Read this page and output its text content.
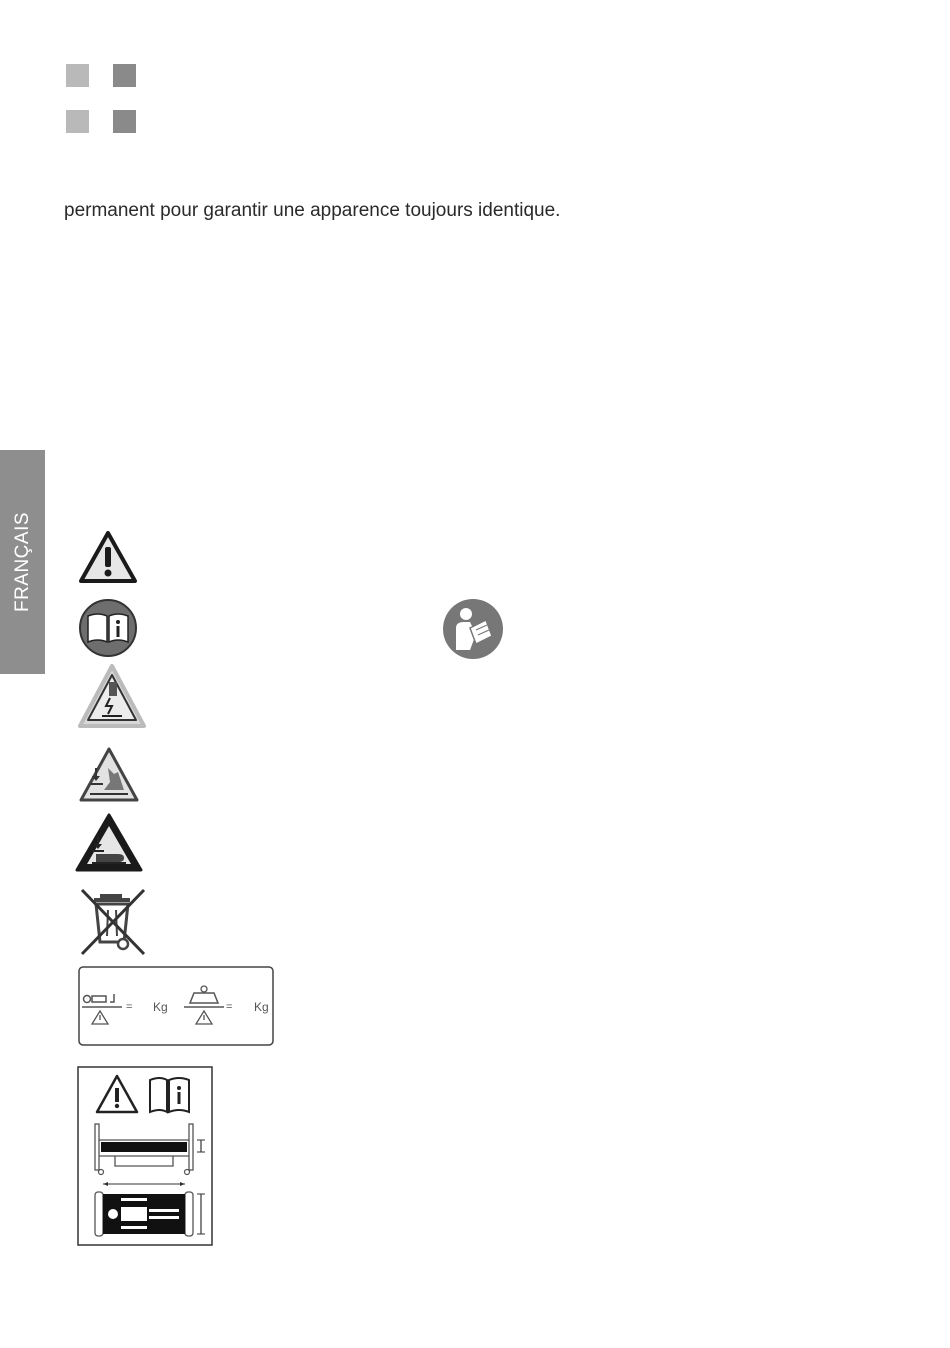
permanent pour garantir une apparence toujours identique.
FRANÇAIS
= Kg	= Kg
